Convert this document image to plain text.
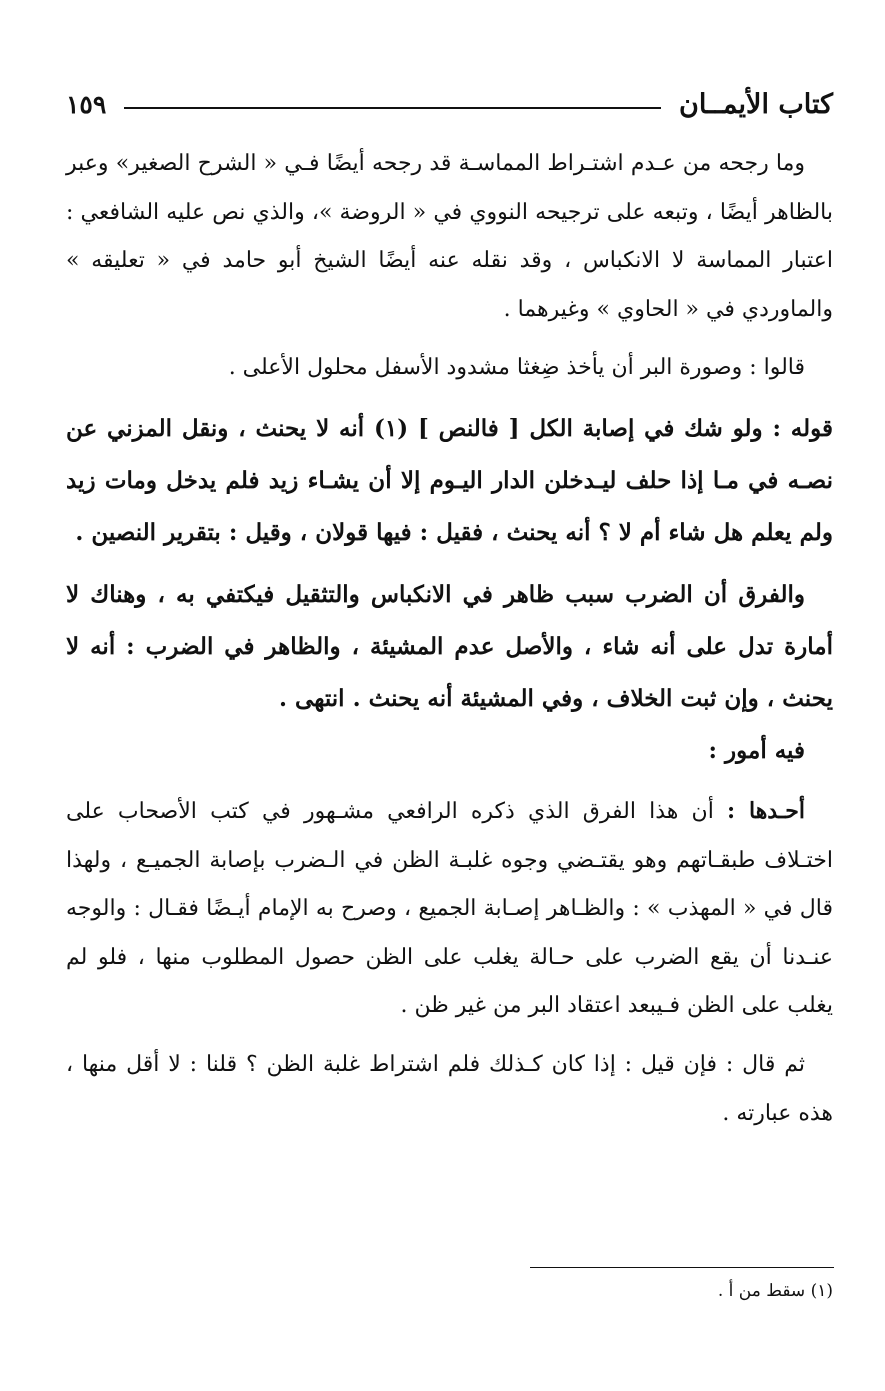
كتاب الأيمــان
١٥٩

وما رجحه من عـدم اشتـراط المماسـة قد رجحه أيضًا فـي « الشرح الصغير» وعبر بالظاهر أيضًا ، وتبعه على ترجيحه النووي في « الروضة »، والذي نص عليه الشافعي : اعتبار المماسة لا الانكباس ، وقد نقله عنه أيضًا الشيخ أبو حامد في « تعليقه » والماوردي في « الحاوي » وغيرهما .

قالوا : وصورة البر أن يأخذ ضِغثا مشدود الأسفل محلول الأعلى .

قوله : ولو شك في إصابة الكل [ فالنص ] (١) أنه لا يحنث ، ونقل المزني عن نصـه في مـا إذا حلف ليـدخلن الدار اليـوم إلا أن يشـاء زيد فلم يدخل ومات زيد ولم يعلم هل شاء أم لا ؟ أنه يحنث ، فقيل : فيها قولان ، وقيل : بتقرير النصين .

والفرق أن الضرب سبب ظاهر في الانكباس والتثقيل فيكتفي به ، وهناك لا أمارة تدل على أنه شاء ، والأصل عدم المشيئة ، والظاهر في الضرب : أنه لا يحنث ، وإن ثبت الخلاف ، وفي المشيئة أنه يحنث . انتهى .

فيه أمور :

أحـدها : أن هذا الفرق الذي ذكره الرافعي مشـهور في كتب الأصحاب على اختـلاف طبقـاتهم وهو يقتـضي وجوه غلبـة الظن في الـضرب بإصابة الجميـع ، ولهذا قال في « المهذب » : والظـاهر إصـابة الجميع ، وصرح به الإمام أيـضًا فقـال : والوجه عنـدنا أن يقع الضرب على حـالة يغلب على الظن حصول المطلوب منها ، فلو لم يغلب على الظن فـيبعد اعتقاد البر من غير ظن .

ثم قال : فإن قيل : إذا كان كـذلك فلم اشتراط غلبة الظن ؟ قلنا : لا أقل منها ، هذه عبارته .

(١) سقط من أ .
